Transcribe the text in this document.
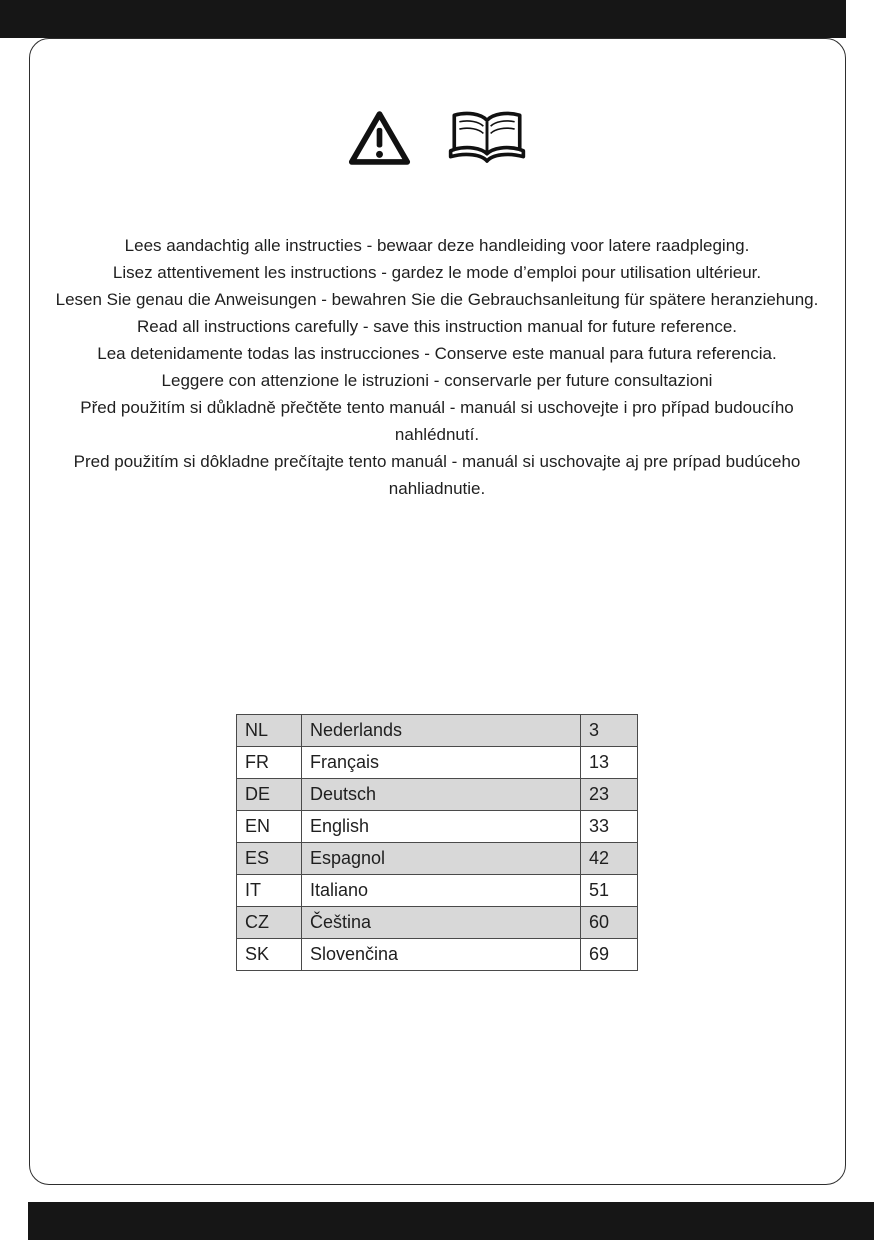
Lees aandachtig alle instructies - bewaar deze handleiding voor latere raadpleging.

Lisez attentivement les instructions - gardez le mode d’emploi pour utilisation ultérieur.

Lesen Sie genau die Anweisungen - bewahren Sie die Gebrauchsanleitung für spätere heranziehung.

Read all instructions carefully - save this instruction manual for future reference.

Lea detenidamente todas las instrucciones - Conserve este manual para futura referencia.

Leggere con attenzione le istruzioni - conservarle per future consultazioni

Před použitím si důkladně přečtěte tento manuál - manuál si uschovejte i pro případ budoucího nahlédnutí.

Pred použitím si dôkladne prečítajte tento manuál - manuál si uschovajte aj pre prípad budúceho nahliadnutie.

NL	Nederlands	3
FR	Français	13
DE	Deutsch	23
EN	English	33
ES	Espagnol	42
IT	Italiano	51
CZ	Čeština	60
SK	Slovenčina	69
